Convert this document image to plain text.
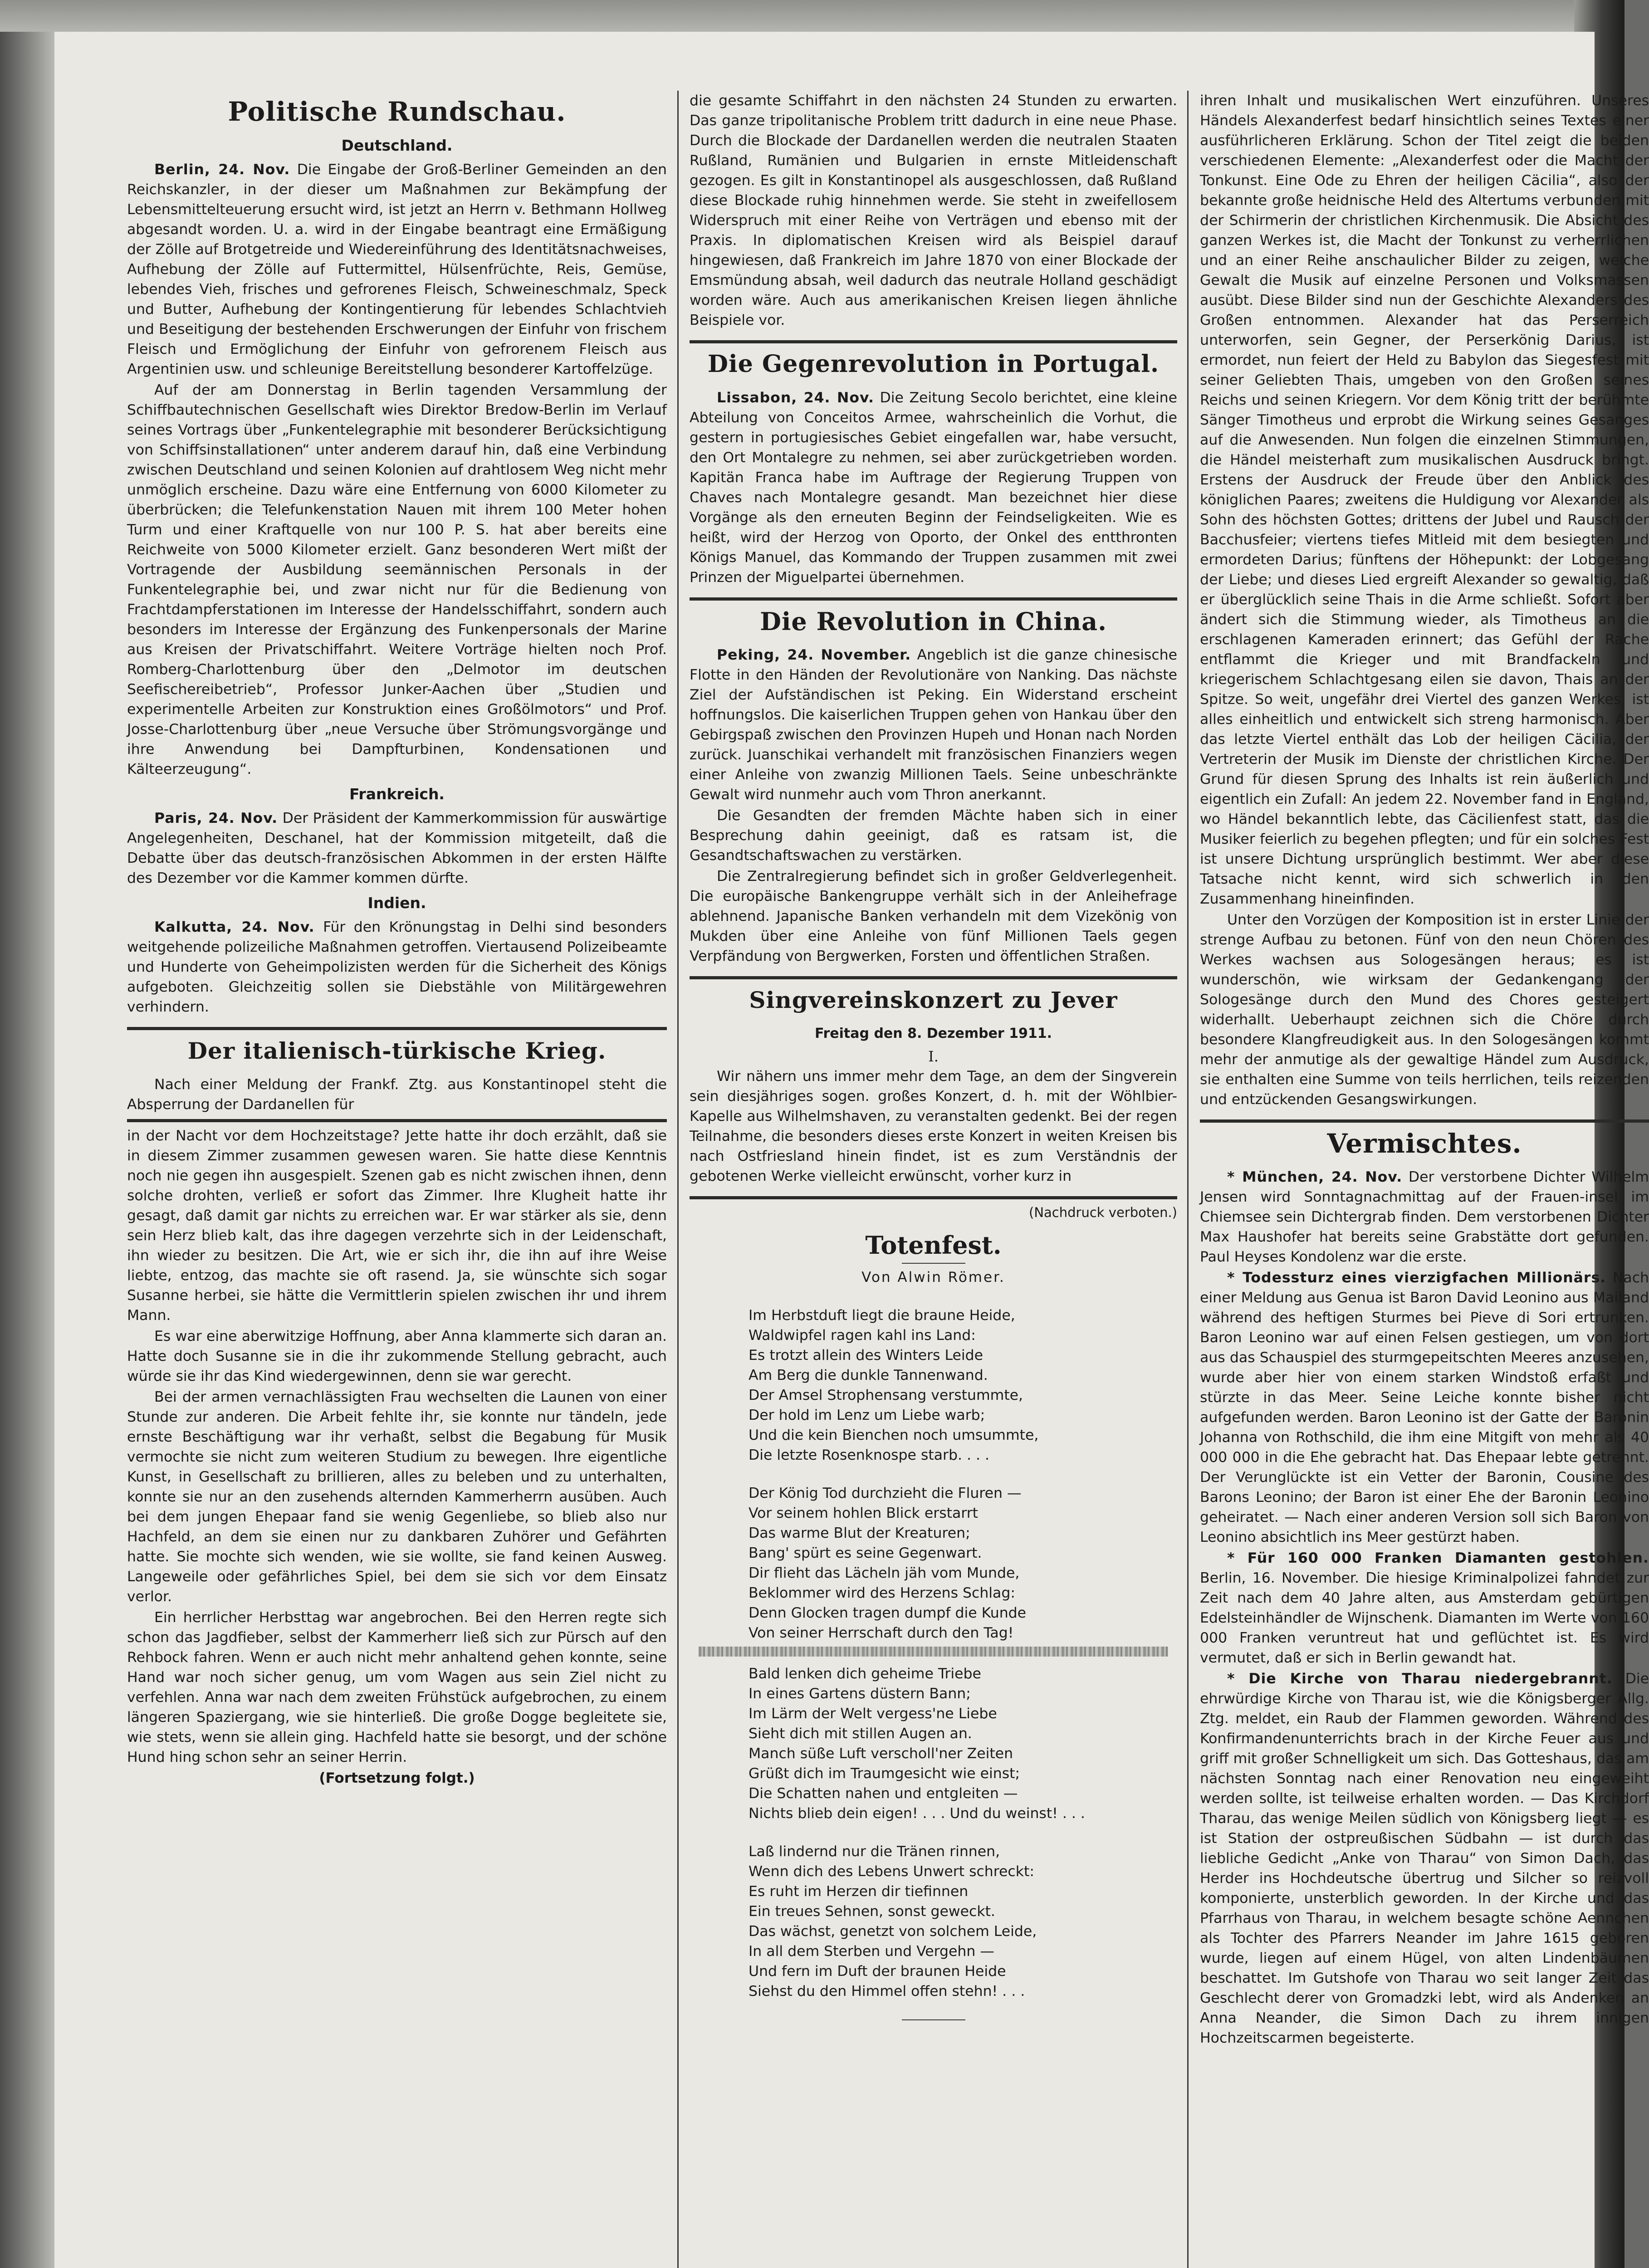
Politische Rundschau.
Deutschland.

Berlin, 24. Nov. Die Eingabe der Groß-Berliner Gemeinden an den Reichskanzler, in der dieser um Maßnahmen zur Bekämpfung der Lebensmittelteuerung ersucht wird, ist jetzt an Herrn v. Bethmann Hollweg abgesandt worden. U. a. wird in der Eingabe beantragt eine Ermäßigung der Zölle auf Brotgetreide und Wiedereinführung des Identitätsnachweises, Aufhebung der Zölle auf Futtermittel, Hülsenfrüchte, Reis, Gemüse, lebendes Vieh, frisches und gefrorenes Fleisch, Schweineschmalz, Speck und Butter, Aufhebung der Kontingentierung für lebendes Schlachtvieh und Beseitigung der bestehenden Erschwerungen der Einfuhr von frischem Fleisch und Ermöglichung der Einfuhr von gefrorenem Fleisch aus Argentinien usw. und schleunige Bereitstellung besonderer Kartoffelzüge.

Auf der am Donnerstag in Berlin tagenden Versammlung der Schiffbautechnischen Gesellschaft wies Direktor Bredow-Berlin im Verlauf seines Vortrags über „Funkentelegraphie mit besonderer Berücksichtigung von Schiffsinstallationen“ unter anderem darauf hin, daß eine Verbindung zwischen Deutschland und seinen Kolonien auf drahtlosem Weg nicht mehr unmöglich erscheine. Dazu wäre eine Entfernung von 6000 Kilometer zu überbrücken; die Telefunkenstation Nauen mit ihrem 100 Meter hohen Turm und einer Kraftquelle von nur 100 P. S. hat aber bereits eine Reichweite von 5000 Kilometer erzielt. Ganz besonderen Wert mißt der Vortragende der Ausbildung seemännischen Personals in der Funkentelegraphie bei, und zwar nicht nur für die Bedienung von Frachtdampferstationen im Interesse der Handelsschiffahrt, sondern auch besonders im Interesse der Ergänzung des Funkenpersonals der Marine aus Kreisen der Privatschiffahrt. Weitere Vorträge hielten noch Prof. Romberg-Charlottenburg über den „Delmotor im deutschen Seefischereibetrieb“, Professor Junker-Aachen über „Studien und experimentelle Arbeiten zur Konstruktion eines Großölmotors“ und Prof. Josse-Charlottenburg über „neue Versuche über Strömungsvorgänge und ihre Anwendung bei Dampfturbinen, Kondensationen und Kälteerzeugung“.

Frankreich.

Paris, 24. Nov. Der Präsident der Kammerkommission für auswärtige Angelegenheiten, Deschanel, hat der Kommission mitgeteilt, daß die Debatte über das deutsch-französischen Abkommen in der ersten Hälfte des Dezember vor die Kammer kommen dürfte.

Indien.

Kalkutta, 24. Nov. Für den Krönungstag in Delhi sind besonders weitgehende polizeiliche Maßnahmen getroffen. Viertausend Polizeibeamte und Hunderte von Geheimpolizisten werden für die Sicherheit des Königs aufgeboten. Gleichzeitig sollen sie Diebstähle von Militärgewehren verhindern.

Der italienisch-türkische Krieg.

Nach einer Meldung der Frankf. Ztg. aus Konstantinopel steht die Absperrung der Dardanellen für

in der Nacht vor dem Hochzeitstage? Jette hatte ihr doch erzählt, daß sie in diesem Zimmer zusammen gewesen waren. Sie hatte diese Kenntnis noch nie gegen ihn ausgespielt. Szenen gab es nicht zwischen ihnen, denn solche drohten, verließ er sofort das Zimmer. Ihre Klugheit hatte ihr gesagt, daß damit gar nichts zu erreichen war. Er war stärker als sie, denn sein Herz blieb kalt, das ihre dagegen verzehrte sich in der Leidenschaft, ihn wieder zu besitzen. Die Art, wie er sich ihr, die ihn auf ihre Weise liebte, entzog, das machte sie oft rasend. Ja, sie wünschte sich sogar Susanne herbei, sie hätte die Vermittlerin spielen zwischen ihr und ihrem Mann.

Es war eine aberwitzige Hoffnung, aber Anna klammerte sich daran an. Hatte doch Susanne sie in die ihr zukommende Stellung gebracht, auch würde sie ihr das Kind wiedergewinnen, denn sie war gerecht.

Bei der armen vernachlässigten Frau wechselten die Launen von einer Stunde zur anderen. Die Arbeit fehlte ihr, sie konnte nur tändeln, jede ernste Beschäftigung war ihr verhaßt, selbst die Begabung für Musik vermochte sie nicht zum weiteren Studium zu bewegen. Ihre eigentliche Kunst, in Gesellschaft zu brillieren, alles zu beleben und zu unterhalten, konnte sie nur an den zusehends alternden Kammerherrn ausüben. Auch bei dem jungen Ehepaar fand sie wenig Gegenliebe, so blieb also nur Hachfeld, an dem sie einen nur zu dankbaren Zuhörer und Gefährten hatte. Sie mochte sich wenden, wie sie wollte, sie fand keinen Ausweg. Langeweile oder gefährliches Spiel, bei dem sie sich vor dem Einsatz verlor.

Ein herrlicher Herbsttag war angebrochen. Bei den Herren regte sich schon das Jagdfieber, selbst der Kammerherr ließ sich zur Pürsch auf den Rehbock fahren. Wenn er auch nicht mehr anhaltend gehen konnte, seine Hand war noch sicher genug, um vom Wagen aus sein Ziel nicht zu verfehlen. Anna war nach dem zweiten Frühstück aufgebrochen, zu einem längeren Spaziergang, wie sie hinterließ. Die große Dogge begleitete sie, wie stets, wenn sie allein ging. Hachfeld hatte sie besorgt, und der schöne Hund hing schon sehr an seiner Herrin.

(Fortsetzung folgt.)

die gesamte Schiffahrt in den nächsten 24 Stunden zu erwarten. Das ganze tripolitanische Problem tritt dadurch in eine neue Phase. Durch die Blockade der Dardanellen werden die neutralen Staaten Rußland, Rumänien und Bulgarien in ernste Mitleidenschaft gezogen. Es gilt in Konstantinopel als ausgeschlossen, daß Rußland diese Blockade ruhig hinnehmen werde. Sie steht in zweifellosem Widerspruch mit einer Reihe von Verträgen und ebenso mit der Praxis. In diplomatischen Kreisen wird als Beispiel darauf hingewiesen, daß Frankreich im Jahre 1870 von einer Blockade der Emsmündung absah, weil dadurch das neutrale Holland geschädigt worden wäre. Auch aus amerikanischen Kreisen liegen ähnliche Beispiele vor.

Die Gegenrevolution in Portugal.

Lissabon, 24. Nov. Die Zeitung Secolo berichtet, eine kleine Abteilung von Conceitos Armee, wahrscheinlich die Vorhut, die gestern in portugiesisches Gebiet eingefallen war, habe versucht, den Ort Montalegre zu nehmen, sei aber zurückgetrieben worden. Kapitän Franca habe im Auftrage der Regierung Truppen von Chaves nach Montalegre gesandt. Man bezeichnet hier diese Vorgänge als den erneuten Beginn der Feindseligkeiten. Wie es heißt, wird der Herzog von Oporto, der Onkel des entthronten Königs Manuel, das Kommando der Truppen zusammen mit zwei Prinzen der Miguelpartei übernehmen.

Die Revolution in China.

Peking, 24. November. Angeblich ist die ganze chinesische Flotte in den Händen der Revolutionäre von Nanking. Das nächste Ziel der Aufständischen ist Peking. Ein Widerstand erscheint hoffnungslos. Die kaiserlichen Truppen gehen von Hankau über den Gebirgspaß zwischen den Provinzen Hupeh und Honan nach Norden zurück. Juanschikai verhandelt mit französischen Finanziers wegen einer Anleihe von zwanzig Millionen Taels. Seine unbeschränkte Gewalt wird nunmehr auch vom Thron anerkannt.

Die Gesandten der fremden Mächte haben sich in einer Besprechung dahin geeinigt, daß es ratsam ist, die Gesandtschaftswachen zu verstärken.

Die Zentralregierung befindet sich in großer Geldverlegenheit. Die europäische Bankengruppe verhält sich in der Anleihefrage ablehnend. Japanische Banken verhandeln mit dem Vizekönig von Mukden über eine Anleihe von fünf Millionen Taels gegen Verpfändung von Bergwerken, Forsten und öffentlichen Straßen.

Singvereinskonzert zu Jever
Freitag den 8. Dezember 1911.
I.

Wir nähern uns immer mehr dem Tage, an dem der Singverein sein diesjähriges sogen. großes Konzert, d. h. mit der Wöhlbier-Kapelle aus Wilhelmshaven, zu veranstalten gedenkt. Bei der regen Teilnahme, die besonders dieses erste Konzert in weiten Kreisen bis nach Ostfriesland hinein findet, ist es zum Verständnis der gebotenen Werke vielleicht erwünscht, vorher kurz in

(Nachdruck verboten.)
Totenfest.
Von Alwin Römer.
Im Herbstduft liegt die braune Heide,
Waldwipfel ragen kahl ins Land:
Es trotzt allein des Winters Leide
Am Berg die dunkle Tannenwand.
Der Amsel Strophensang verstummte,
Der hold im Lenz um Liebe warb;
Und die kein Bienchen noch umsummte,
Die letzte Rosenknospe starb. . . .
Der König Tod durchzieht die Fluren —
Vor seinem hohlen Blick erstarrt
Das warme Blut der Kreaturen;
Bang' spürt es seine Gegenwart.
Dir flieht das Lächeln jäh vom Munde,
Beklommer wird des Herzens Schlag:
Denn Glocken tragen dumpf die Kunde
Von seiner Herrschaft durch den Tag!
Bald lenken dich geheime Triebe
In eines Gartens düstern Bann;
Im Lärm der Welt vergess'ne Liebe
Sieht dich mit stillen Augen an.
Manch süße Luft verscholl'ner Zeiten
Grüßt dich im Traumgesicht wie einst;
Die Schatten nahen und entgleiten —
Nichts blieb dein eigen! . . . Und du weinst! . . .
Laß lindernd nur die Tränen rinnen,
Wenn dich des Lebens Unwert schreckt:
Es ruht im Herzen dir tiefinnen
Ein treues Sehnen, sonst geweckt.
Das wächst, genetzt von solchem Leide,
In all dem Sterben und Vergehn —
Und fern im Duft der braunen Heide
Siehst du den Himmel offen stehn! . . .

ihren Inhalt und musikalischen Wert einzuführen. Unseres Händels Alexanderfest bedarf hinsichtlich seines Textes einer ausführlicheren Erklärung. Schon der Titel zeigt die beiden verschiedenen Elemente: „Alexanderfest oder die Macht der Tonkunst. Eine Ode zu Ehren der heiligen Cäcilia“, also der bekannte große heidnische Held des Altertums verbunden mit der Schirmerin der christlichen Kirchenmusik. Die Absicht des ganzen Werkes ist, die Macht der Tonkunst zu verherrlichen und an einer Reihe anschaulicher Bilder zu zeigen, welche Gewalt die Musik auf einzelne Personen und Volksmassen ausübt. Diese Bilder sind nun der Geschichte Alexanders des Großen entnommen. Alexander hat das Perserreich unterworfen, sein Gegner, der Perserkönig Darius, ist ermordet, nun feiert der Held zu Babylon das Siegesfest mit seiner Geliebten Thais, umgeben von den Großen seines Reichs und seinen Kriegern. Vor dem König tritt der berühmte Sänger Timotheus und erprobt die Wirkung seines Gesanges auf die Anwesenden. Nun folgen die einzelnen Stimmungen, die Händel meisterhaft zum musikalischen Ausdruck bringt. Erstens der Ausdruck der Freude über den Anblick des königlichen Paares; zweitens die Huldigung vor Alexander als Sohn des höchsten Gottes; drittens der Jubel und Rausch der Bacchusfeier; viertens tiefes Mitleid mit dem besiegten und ermordeten Darius; fünftens der Höhepunkt: der Lobgesang der Liebe; und dieses Lied ergreift Alexander so gewaltig, daß er überglücklich seine Thais in die Arme schließt. Sofort aber ändert sich die Stimmung wieder, als Timotheus an die erschlagenen Kameraden erinnert; das Gefühl der Rache entflammt die Krieger und mit Brandfackeln und kriegerischem Schlachtgesang eilen sie davon, Thais an der Spitze. So weit, ungefähr drei Viertel des ganzen Werkes, ist alles einheitlich und entwickelt sich streng harmonisch. Aber das letzte Viertel enthält das Lob der heiligen Cäcilia, der Vertreterin der Musik im Dienste der christlichen Kirche. Der Grund für diesen Sprung des Inhalts ist rein äußerlich und eigentlich ein Zufall: An jedem 22. November fand in England, wo Händel bekanntlich lebte, das Cäcilienfest statt, das die Musiker feierlich zu begehen pflegten; und für ein solches Fest ist unsere Dichtung ursprünglich bestimmt. Wer aber diese Tatsache nicht kennt, wird sich schwerlich in den Zusammenhang hineinfinden.

Unter den Vorzügen der Komposition ist in erster Linie der strenge Aufbau zu betonen. Fünf von den neun Chören des Werkes wachsen aus Sologesängen heraus; es ist wunderschön, wie wirksam der Gedankengang der Sologesänge durch den Mund des Chores gesteigert widerhallt. Ueberhaupt zeichnen sich die Chöre durch besondere Klangfreudigkeit aus. In den Sologesängen kommt mehr der anmutige als der gewaltige Händel zum Ausdruck, sie enthalten eine Summe von teils herrlichen, teils reizenden und entzückenden Gesangswirkungen.

Vermischtes.

* München, 24. Nov. Der verstorbene Dichter Wilhelm Jensen wird Sonntagnachmittag auf der Frauen-insel im Chiemsee sein Dichtergrab finden. Dem verstorbenen Dichter Max Haushofer hat bereits seine Grabstätte dort gefunden. Paul Heyses Kondolenz war die erste.

* Todessturz eines vierzigfachen Millionärs. Nach einer Meldung aus Genua ist Baron David Leonino aus Mailand während des heftigen Sturmes bei Pieve di Sori ertrunken. Baron Leonino war auf einen Felsen gestiegen, um von dort aus das Schauspiel des sturmgepeitschten Meeres anzusehen, wurde aber hier von einem starken Windstoß erfaßt und stürzte in das Meer. Seine Leiche konnte bisher nicht aufgefunden werden. Baron Leonino ist der Gatte der Baronin Johanna von Rothschild, die ihm eine Mitgift von mehr als 40 000 000 in die Ehe gebracht hat. Das Ehepaar lebte getrennt. Der Verunglückte ist ein Vetter der Baronin, Cousine des Barons Leonino; der Baron ist einer Ehe der Baronin Leonino geheiratet. — Nach einer anderen Version soll sich Baron von Leonino absichtlich ins Meer gestürzt haben.

* Für 160 000 Franken Diamanten gestohlen. Berlin, 16. November. Die hiesige Kriminalpolizei fahndet zur Zeit nach dem 40 Jahre alten, aus Amsterdam gebürtigen Edelsteinhändler de Wijnschenk. Diamanten im Werte von 160 000 Franken veruntreut hat und geflüchtet ist. Es wird vermutet, daß er sich in Berlin gewandt hat.

* Die Kirche von Tharau niedergebrannt. Die ehrwürdige Kirche von Tharau ist, wie die Königsberger Allg. Ztg. meldet, ein Raub der Flammen geworden. Während des Konfirmandenunterrichts brach in der Kirche Feuer aus und griff mit großer Schnelligkeit um sich. Das Gotteshaus, das am nächsten Sonntag nach einer Renovation neu eingeweiht werden sollte, ist teilweise erhalten worden. — Das Kirchdorf Tharau, das wenige Meilen südlich von Königsberg liegt — es ist Station der ostpreußischen Südbahn — ist durch das liebliche Gedicht „Anke von Tharau“ von Simon Dach, das Herder ins Hochdeutsche übertrug und Silcher so reizvoll komponierte, unsterblich geworden. In der Kirche und das Pfarrhaus von Tharau, in welchem besagte schöne Aennchen als Tochter des Pfarrers Neander im Jahre 1615 geboren wurde, liegen auf einem Hügel, von alten Lindenbäumen beschattet. Im Gutshofe von Tharau wo seit langer Zeit das Geschlecht derer von Gromadzki lebt, wird als Andenken an Anna Neander, die Simon Dach zu ihrem innigen Hochzeitscarmen begeisterte.
